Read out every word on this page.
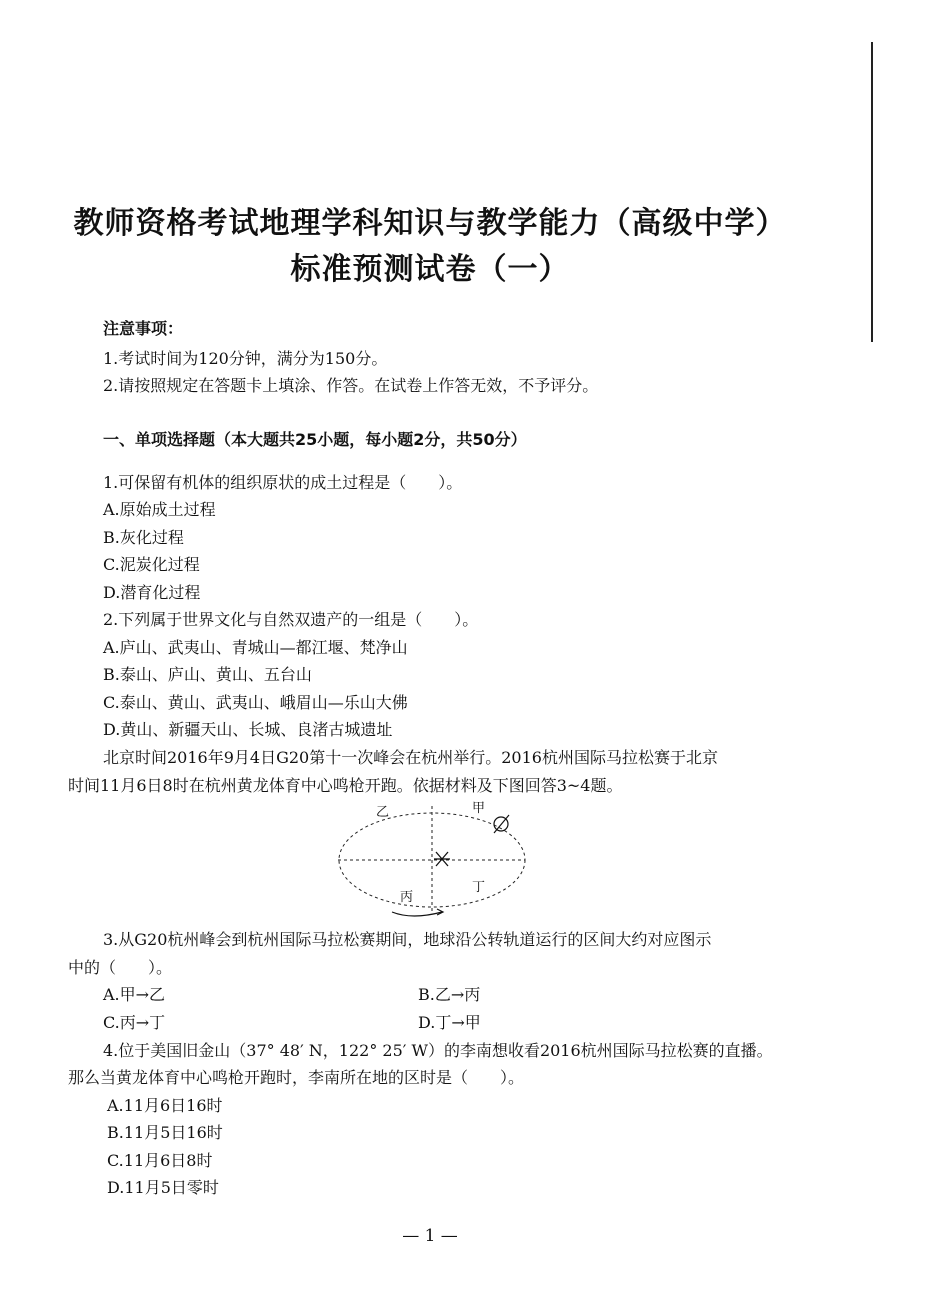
教师资格考试地理学科知识与教学能力（高级中学）
标准预测试卷（一）
注意事项：
1.考试时间为120分钟，满分为150分。
2.请按照规定在答题卡上填涂、作答。在试卷上作答无效，不予评分。
一、单项选择题（本大题共25小题，每小题2分，共50分）
1.可保留有机体的组织原状的成土过程是（　　）。
A.原始成土过程
B.灰化过程
C.泥炭化过程
D.潜育化过程
2.下列属于世界文化与自然双遗产的一组是（　　）。
A.庐山、武夷山、青城山—都江堰、梵净山
B.泰山、庐山、黄山、五台山
C.泰山、黄山、武夷山、峨眉山—乐山大佛
D.黄山、新疆天山、长城、良渚古城遗址
北京时间2016年9月4日G20第十一次峰会在杭州举行。2016杭州国际马拉松赛于北京
时间11月6日8时在杭州黄龙体育中心鸣枪开跑。依据材料及下图回答3~4题。
乙	甲
丙
丁
3.从G20杭州峰会到杭州国际马拉松赛期间，地球沿公转轨道运行的区间大约对应图示
中的（　　）。
A.甲→乙	B.乙→丙
C.丙→丁	D.丁→甲
4.位于美国旧金山（37° 48′ N，122° 25′ W）的李南想收看2016杭州国际马拉松赛的直播。
那么当黄龙体育中心鸣枪开跑时，李南所在地的区时是（　　）。
A.11月6日16时
B.11月5日16时
C.11月6日8时
D.11月5日零时
— 1 —
